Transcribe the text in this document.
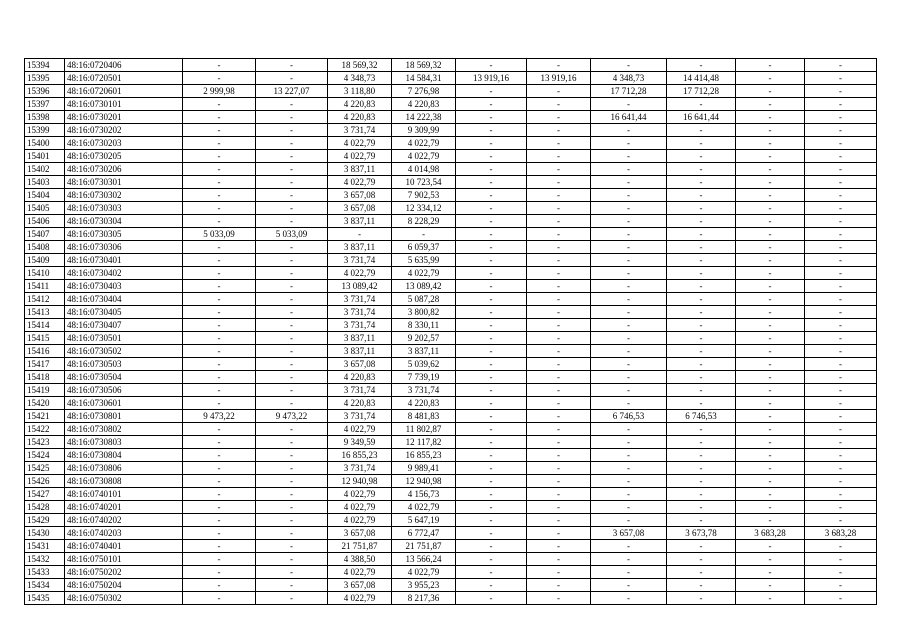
15394	48:16:0720406	-	-	18 569,32	18 569,32	-	-	-	-	-	-
15395	48:16:0720501	-	-	4 348,73	14 584,31	13 919,16	13 919,16	4 348,73	14 414,48	-	-
15396	48:16:0720601	2 999,98	13 227,07	3 118,80	7 276,98	-	-	17 712,28	17 712,28	-	-
15397	48:16:0730101	-	-	4 220,83	4 220,83	-	-	-	-	-	-
15398	48:16:0730201	-	-	4 220,83	14 222,38	-	-	16 641,44	16 641,44	-	-
15399	48:16:0730202	-	-	3 731,74	9 309,99	-	-	-	-	-	-
15400	48:16:0730203	-	-	4 022,79	4 022,79	-	-	-	-	-	-
15401	48:16:0730205	-	-	4 022,79	4 022,79	-	-	-	-	-	-
15402	48:16:0730206	-	-	3 837,11	4 014,98	-	-	-	-	-	-
15403	48:16:0730301	-	-	4 022,79	10 723,54	-	-	-	-	-	-
15404	48:16:0730302	-	-	3 657,08	7 902,53	-	-	-	-	-	-
15405	48:16:0730303	-	-	3 657,08	12 334,12	-	-	-	-	-	-
15406	48:16:0730304	-	-	3 837,11	8 228,29	-	-	-	-	-	-
15407	48:16:0730305	5 033,09	5 033,09	-	-	-	-	-	-	-	-
15408	48:16:0730306	-	-	3 837,11	6 059,37	-	-	-	-	-	-
15409	48:16:0730401	-	-	3 731,74	5 635,99	-	-	-	-	-	-
15410	48:16:0730402	-	-	4 022,79	4 022,79	-	-	-	-	-	-
15411	48:16:0730403	-	-	13 089,42	13 089,42	-	-	-	-	-	-
15412	48:16:0730404	-	-	3 731,74	5 087,28	-	-	-	-	-	-
15413	48:16:0730405	-	-	3 731,74	3 800,82	-	-	-	-	-	-
15414	48:16:0730407	-	-	3 731,74	8 330,11	-	-	-	-	-	-
15415	48:16:0730501	-	-	3 837,11	9 202,57	-	-	-	-	-	-
15416	48:16:0730502	-	-	3 837,11	3 837,11	-	-	-	-	-	-
15417	48:16:0730503	-	-	3 657,08	5 039,62	-	-	-	-	-	-
15418	48:16:0730504	-	-	4 220,83	7 739,19	-	-	-	-	-	-
15419	48:16:0730506	-	-	3 731,74	3 731,74	-	-	-	-	-	-
15420	48:16:0730601	-	-	4 220,83	4 220,83	-	-	-	-	-	-
15421	48:16:0730801	9 473,22	9 473,22	3 731,74	8 481,83	-	-	6 746,53	6 746,53	-	-
15422	48:16:0730802	-	-	4 022,79	11 802,87	-	-	-	-	-	-
15423	48:16:0730803	-	-	9 349,59	12 117,82	-	-	-	-	-	-
15424	48:16:0730804	-	-	16 855,23	16 855,23	-	-	-	-	-	-
15425	48:16:0730806	-	-	3 731,74	9 989,41	-	-	-	-	-	-
15426	48:16:0730808	-	-	12 940,98	12 940,98	-	-	-	-	-	-
15427	48:16:0740101	-	-	4 022,79	4 156,73	-	-	-	-	-	-
15428	48:16:0740201	-	-	4 022,79	4 022,79	-	-	-	-	-	-
15429	48:16:0740202	-	-	4 022,79	5 647,19	-	-	-	-	-	-
15430	48:16:0740203	-	-	3 657,08	6 772,47	-	-	3 657,08	3 673,78	3 683,28	3 683,28
15431	48:16:0740401	-	-	21 751,87	21 751,87	-	-	-	-	-	-
15432	48:16:0750101	-	-	4 388,50	13 566,24	-	-	-	-	-	-
15433	48:16:0750202	-	-	4 022,79	4 022,79	-	-	-	-	-	-
15434	48:16:0750204	-	-	3 657,08	3 955,23	-	-	-	-	-	-
15435	48:16:0750302	-	-	4 022,79	8 217,36	-	-	-	-	-	-
